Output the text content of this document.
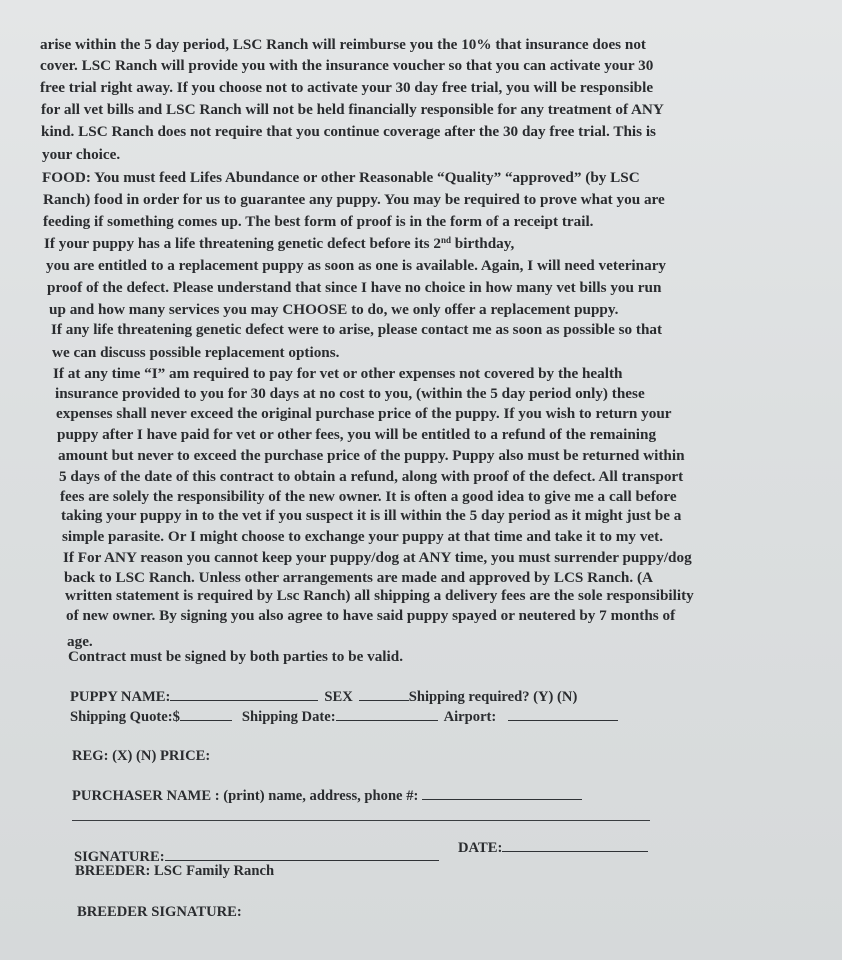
arise within the 5 day period, LSC Ranch will reimburse you the 10% that insurance does not
cover. LSC Ranch will provide you with the insurance voucher so that you can activate your 30
free trial right away. If you choose not to activate your 30 day free trial, you will be responsible
for all vet bills and LSC Ranch will not be held financially responsible for any treatment of ANY
kind. LSC Ranch does not require that you continue coverage after the 30 day free trial. This is
your choice.
FOOD: You must feed Lifes Abundance or other Reasonable “Quality” “approved” (by LSC
Ranch) food in order for us to guarantee any puppy. You may be required to prove what you are
feeding if something comes up. The best form of proof is in the form of a receipt trail.
If your puppy has a life threatening genetic defect before its 2nd birthday,
you are entitled to a replacement puppy as soon as one is available. Again, I will need veterinary
proof of the defect. Please understand that since I have no choice in how many vet bills you run
up and how many services you may CHOOSE to do, we only offer a replacement puppy.
If any life threatening genetic defect were to arise, please contact me as soon as possible so that
we can discuss possible replacement options.
If at any time “I” am required to pay for vet or other expenses not covered by the health
insurance provided to you for 30 days at no cost to you, (within the 5 day period only) these
expenses shall never exceed the original purchase price of the puppy. If you wish to return your
puppy after I have paid for vet or other fees, you will be entitled to a refund of the remaining
amount but never to exceed the purchase price of the puppy. Puppy also must be returned within
5 days of the date of this contract to obtain a refund, along with proof of the defect. All transport
fees are solely the responsibility of the new owner. It is often a good idea to give me a call before
taking your puppy in to the vet if you suspect it is ill within the 5 day period as it might just be a
simple parasite. Or I might choose to exchange your puppy at that time and take it to my vet.
If For ANY reason you cannot keep your puppy/dog at ANY time, you must surrender puppy/dog
back to LSC Ranch. Unless other arrangements are made and approved by LCS Ranch. (A
written statement is required by Lsc Ranch) all shipping a delivery fees are the sole responsibility
of new owner. By signing you also agree to have said puppy spayed or neutered by 7 months of
age.
Contract must be signed by both parties to be valid.
PUPPY NAME:	SEX	Shipping required? (Y) (N)
Shipping Quote:$	Shipping Date:	Airport:
REG: (X) (N) PRICE:
PURCHASER NAME : (print) name, address, phone #:
SIGNATURE:
DATE:
BREEDER: LSC Family Ranch
BREEDER SIGNATURE:
